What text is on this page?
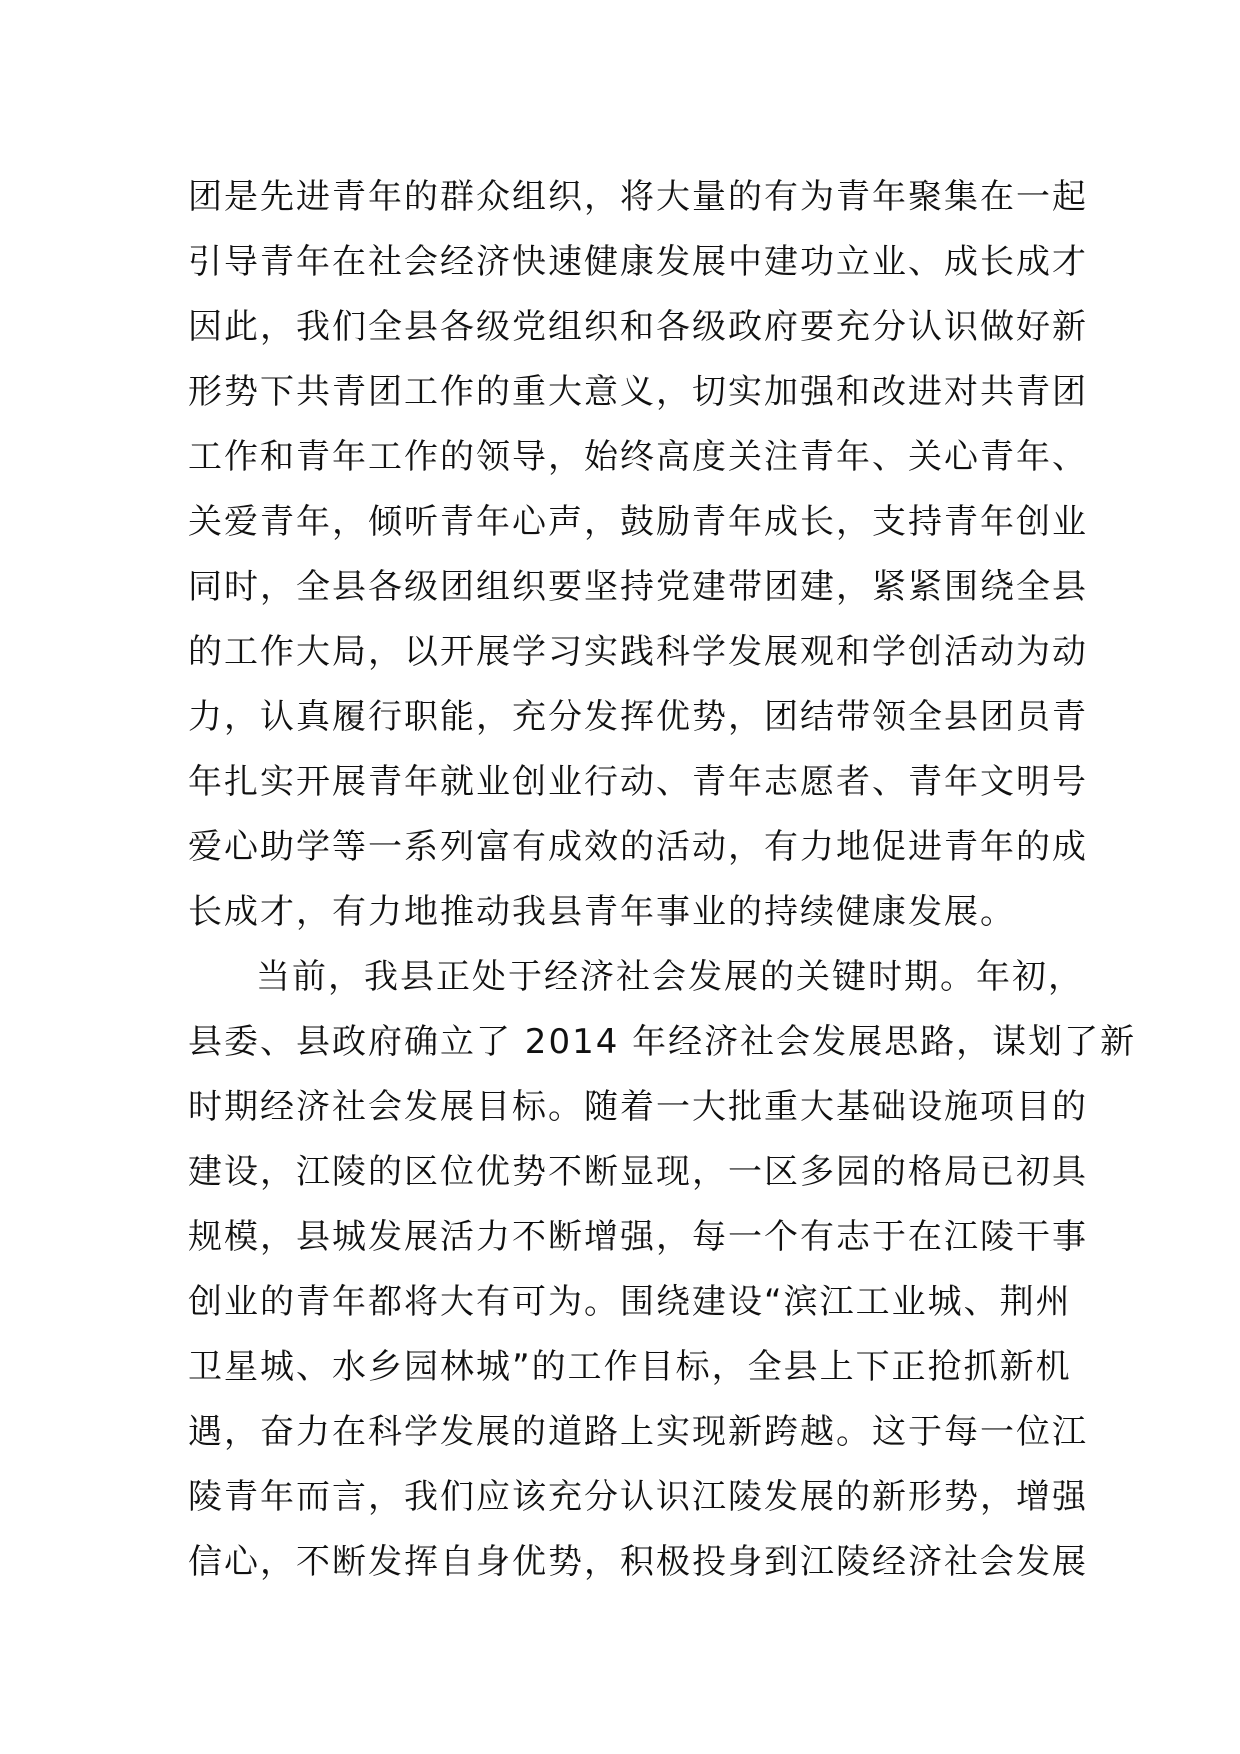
团是先进青年的群众组织，将大量的有为青年聚集在一起
引导青年在社会经济快速健康发展中建功立业、成长成才
因此，我们全县各级党组织和各级政府要充分认识做好新
形势下共青团工作的重大意义，切实加强和改进对共青团
工作和青年工作的领导，始终高度关注青年、关心青年、
关爱青年，倾听青年心声，鼓励青年成长，支持青年创业
同时，全县各级团组织要坚持党建带团建，紧紧围绕全县
的工作大局，以开展学习实践科学发展观和学创活动为动
力，认真履行职能，充分发挥优势，团结带领全县团员青
年扎实开展青年就业创业行动、青年志愿者、青年文明号
爱心助学等一系列富有成效的活动，有力地促进青年的成
长成才，有力地推动我县青年事业的持续健康发展。
当前，我县正处于经济社会发展的关键时期。年初，
县委、县政府确立了 2014 年经济社会发展思路，谋划了新
时期经济社会发展目标。随着一大批重大基础设施项目的
建设，江陵的区位优势不断显现，一区多园的格局已初具
规模，县城发展活力不断增强，每一个有志于在江陵干事
创业的青年都将大有可为。围绕建设“滨江工业城、荆州
卫星城、水乡园林城”的工作目标，全县上下正抢抓新机
遇，奋力在科学发展的道路上实现新跨越。这于每一位江
陵青年而言，我们应该充分认识江陵发展的新形势，增强
信心，不断发挥自身优势，积极投身到江陵经济社会发展
